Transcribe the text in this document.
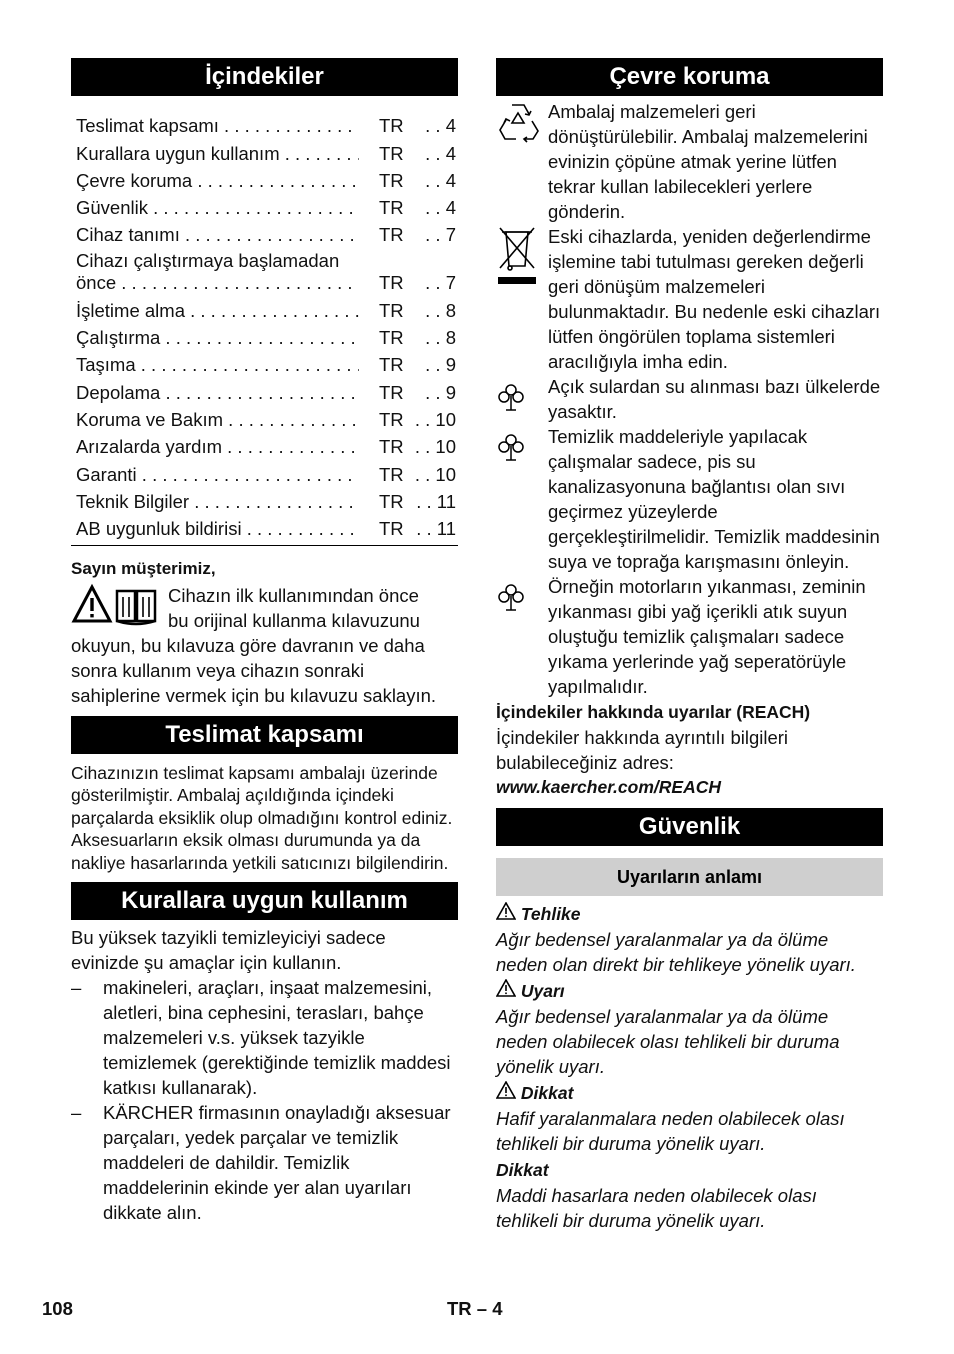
İçindekiler
Teslimat kapsamı . . .	TR . .	4
Kurallara uygun kullanım . . .	TR . .	4
Çevre koruma . . .	TR . .	4
Güvenlik . . .	TR . .	4
Cihaz tanımı . . .	TR . .	7
Cihazı çalıştırmaya başlamadan
önce . . .	TR . .	7
İşletime alma . . .	TR . .	8
Çalıştırma . . .	TR . .	8
Taşıma . . .	TR . .	9
Depolama . . .	TR . .	9
Koruma ve Bakım . . .	TR . .	10
Arızalarda yardım . . .	TR . .	10
Garanti . . .	TR . .	10
Teknik Bilgiler . . .	TR . .	11
AB uygunluk bildirisi . . .	TR . .	11

Sayın müşterimiz,

Cihazın ilk kullanımından önce

bu orijinal kullanma kılavuzunu

okuyun, bu kılavuza göre davranın ve daha sonra kullanım veya cihazın sonraki sahiplerine vermek için bu kılavuzu saklayın.

Teslimat kapsamı

Cihazınızın teslimat kapsamı ambalajı üzerinde gösterilmiştir. Ambalaj açıldığında içindeki parçalarda eksiklik olup olmadığını kontrol ediniz.

Aksesuarların eksik olması durumunda ya da nakliye hasarlarında yetkili satıcınızı bilgilendirin.

Kurallara uygun kullanım

Bu yüksek tazyikli temizleyiciyi sadece evinizde şu amaçlar için kullanın.

–	makineleri, araçları, inşaat malzemesini, aletleri, bina cephesini, terasları, bahçe malzemeleri v.s. yüksek tazyikle temizlemek (gerektiğinde temizlik maddesi katkısı kullanarak).
–	KÄRCHER firmasının onayladığı aksesuar parçaları, yedek parçalar ve temizlik maddeleri de dahildir. Temizlik maddelerinin ekinde yer alan uyarıları dikkate alın.
Çevre koruma

Ambalaj malzemeleri geri dönüştürülebilir. Ambalaj malzemelerini evinizin çöpüne atmak yerine lütfen tekrar kullan labilecekleri yerlere gönderin.

Eski cihazlarda, yeniden değerlendirme işlemine tabi tutulması gereken değerli geri dönüşüm malzemeleri bulunmaktadır. Bu nedenle eski cihazları lütfen öngörülen toplama sistemleri aracılığıyla imha edin.

Açık sulardan su alınması bazı ülkelerde yasaktır.

Temizlik maddeleriyle yapılacak çalışmalar sadece, pis su kanalizasyonuna bağlantısı olan sıvı geçirmez yüzeylerde gerçekleştirilmelidir. Temizlik maddesinin suya ve toprağa karışmasını önleyin.

Örneğin motorların yıkanması, zeminin yıkanması gibi yağ içerikli atık suyun oluştuğu temizlik çalışmaları sadece yıkama yerlerinde yağ seperatörüyle yapılmalıdır.

İçindekiler hakkında uyarılar (REACH)

İçindekiler hakkında ayrıntılı bilgileri bulabileceğiniz adres:

www.kaercher.com/REACH

Güvenlik
Uyarıların anlamı

Tehlike

Ağır bedensel yaralanmalar ya da ölüme neden olan direkt bir tehlikeye yönelik uyarı.

Uyarı

Ağır bedensel yaralanmalar ya da ölüme neden olabilecek olası tehlikeli bir duruma yönelik uyarı.

Dikkat

Hafif yaralanmalara neden olabilecek olası tehlikeli bir duruma yönelik uyarı.

Dikkat

Maddi hasarlara neden olabilecek olası tehlikeli bir duruma yönelik uyarı.

108	TR – 4
